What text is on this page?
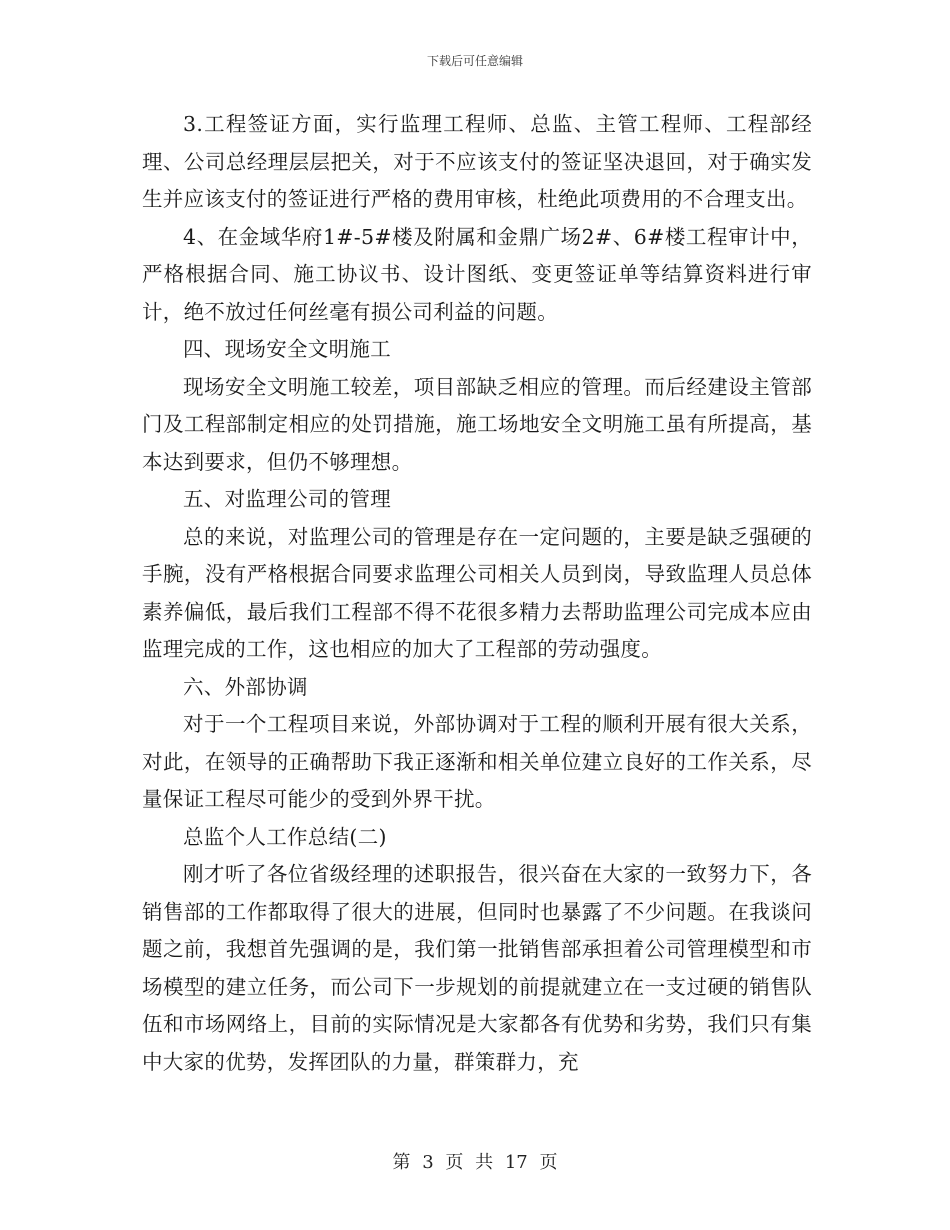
下载后可任意编辑

3.工程签证方面，实行监理工程师、总监、主管工程师、工程部经理、公司总经理层层把关，对于不应该支付的签证坚决退回，对于确实发生并应该支付的签证进行严格的费用审核，杜绝此项费用的不合理支出。

4、在金域华府1#-5#楼及附属和金鼎广场2#、6#楼工程审计中，严格根据合同、施工协议书、设计图纸、变更签证单等结算资料进行审计，绝不放过任何丝毫有损公司利益的问题。

四、现场安全文明施工

现场安全文明施工较差，项目部缺乏相应的管理。而后经建设主管部门及工程部制定相应的处罚措施，施工场地安全文明施工虽有所提高，基本达到要求，但仍不够理想。

五、对监理公司的管理

总的来说，对监理公司的管理是存在一定问题的，主要是缺乏强硬的手腕，没有严格根据合同要求监理公司相关人员到岗，导致监理人员总体素养偏低，最后我们工程部不得不花很多精力去帮助监理公司完成本应由监理完成的工作，这也相应的加大了工程部的劳动强度。

六、外部协调

对于一个工程项目来说，外部协调对于工程的顺利开展有很大关系，对此，在领导的正确帮助下我正逐渐和相关单位建立良好的工作关系，尽量保证工程尽可能少的受到外界干扰。

总监个人工作总结(二)

刚才听了各位省级经理的述职报告，很兴奋在大家的一致努力下，各销售部的工作都取得了很大的进展，但同时也暴露了不少问题。在我谈问题之前，我想首先强调的是，我们第一批销售部承担着公司管理模型和市场模型的建立任务，而公司下一步规划的前提就建立在一支过硬的销售队伍和市场网络上，目前的实际情况是大家都各有优势和劣势，我们只有集中大家的优势，发挥团队的力量，群策群力，充

第 3 页 共 17 页
